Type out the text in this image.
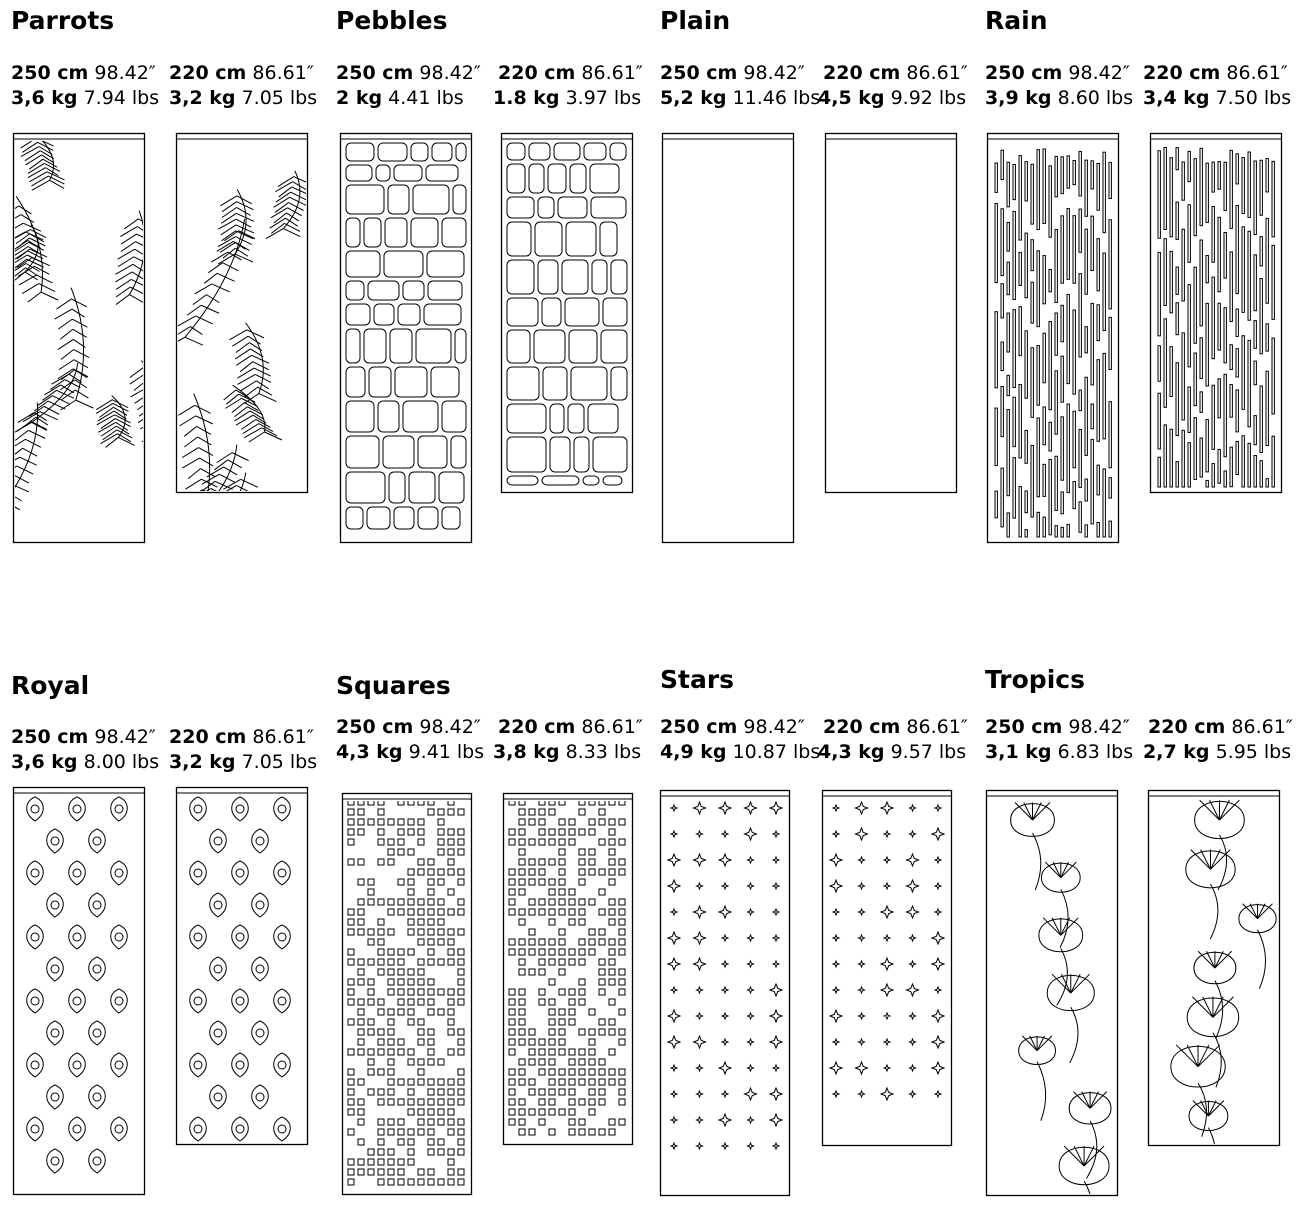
Parrots
250 cm 98.42″
3,6 kg 7.94 lbs
220 cm 86.61″
3,2 kg 7.05 lbs
Pebbles
250 cm 98.42″
2 kg 4.41 lbs
220 cm 86.61″
1.8 kg 3.97 lbs
Plain
250 cm 98.42″
5,2 kg 11.46 lbs
220 cm 86.61″
4,5 kg 9.92 lbs
Rain
250 cm 98.42″
3,9 kg 8.60 lbs
220 cm 86.61″
3,4 kg 7.50 lbs
Royal
250 cm 98.42″
3,6 kg 8.00 lbs
220 cm 86.61″
3,2 kg 7.05 lbs
Squares
250 cm 98.42″
4,3 kg 9.41 lbs
220 cm 86.61″
3,8 kg 8.33 lbs
Stars
250 cm 98.42″
4,9 kg 10.87 lbs
220 cm 86.61″
4,3 kg 9.57 lbs
Tropics
250 cm 98.42″
3,1 kg 6.83 lbs
220 cm 86.61″
2,7 kg 5.95 lbs
